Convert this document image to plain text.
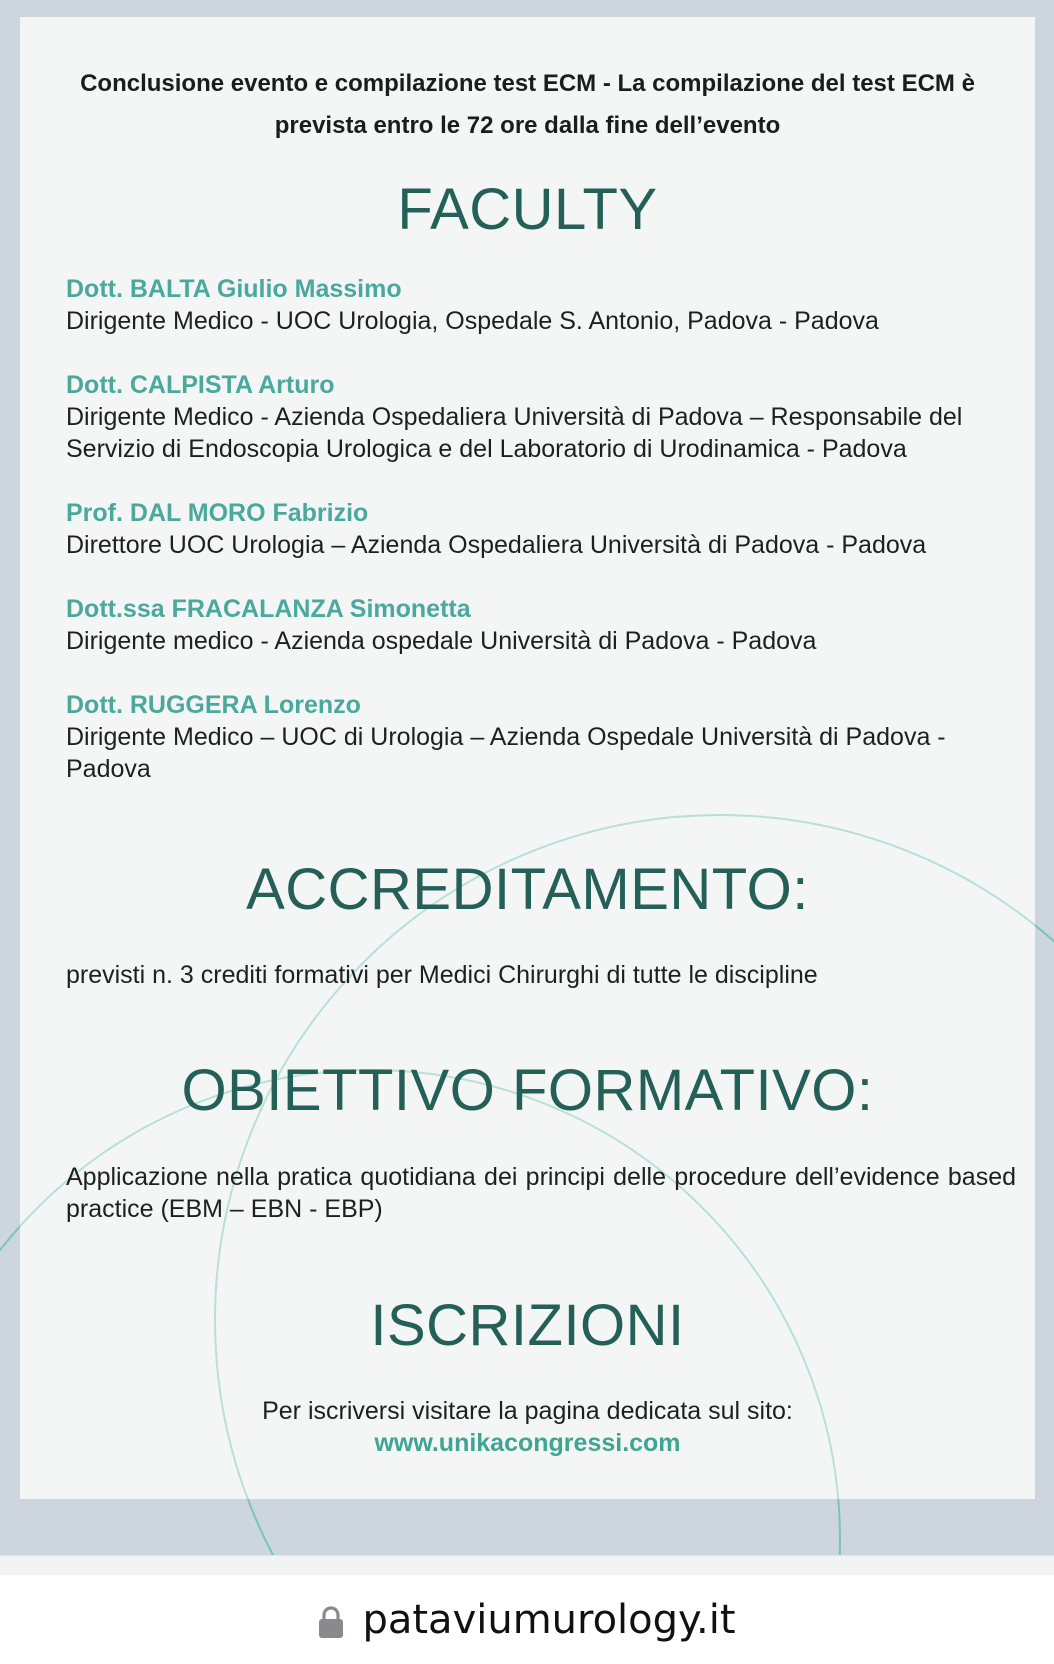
Conclusione evento e compilazione test ECM - La compilazione del test ECM è
prevista entro le 72 ore dalla fine dell’evento
FACULTY
Dott. BALTA Giulio Massimo
Dirigente Medico - UOC Urologia, Ospedale S. Antonio, Padova - Padova
Dott. CALPISTA Arturo
Dirigente Medico - Azienda Ospedaliera Università di Padova – Responsabile del Servizio di Endoscopia Urologica e del Laboratorio di Urodinamica - Padova
Prof. DAL MORO Fabrizio
Direttore UOC Urologia – Azienda Ospedaliera Università di Padova - Padova
Dott.ssa FRACALANZA Simonetta
Dirigente medico - Azienda ospedale Università di Padova - Padova
Dott. RUGGERA Lorenzo
Dirigente Medico – UOC di Urologia – Azienda Ospedale Università di Padova - Padova
ACCREDITAMENTO:
previsti n. 3 crediti formativi per Medici Chirurghi di tutte le discipline
OBIETTIVO FORMATIVO:
Applicazione nella pratica quotidiana dei principi delle procedure dell’evidence based practice (EBM – EBN - EBP)
ISCRIZIONI
Per iscriversi visitare la pagina dedicata sul sito:
www.unikacongressi.com
pataviumurology.it
